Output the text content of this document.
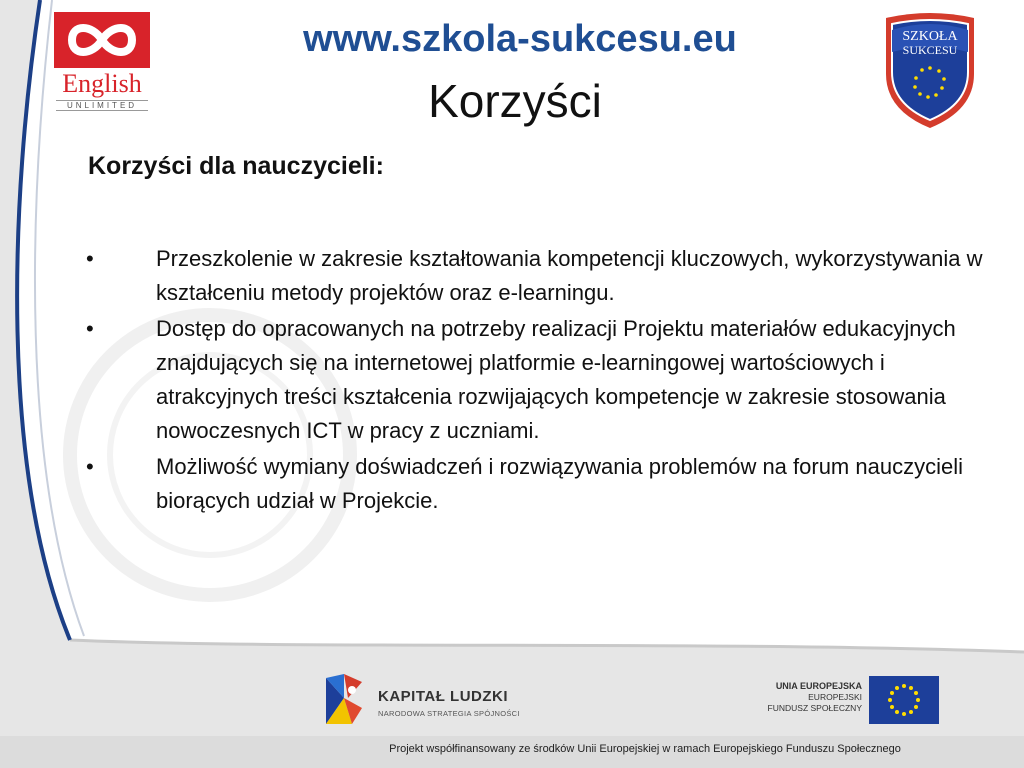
English
UNLIMITED
www.szkola-sukcesu.eu
Korzyści
SZKOŁA
SUKCESU
Korzyści dla nauczycieli:
•	Przeszkolenie w zakresie kształtowania kompetencji kluczowych, wykorzystywania w kształceniu metody projektów oraz e-learningu.
•	Dostęp do opracowanych na potrzeby realizacji Projektu materiałów edukacyjnych znajdujących się na internetowej platformie e-learningowej wartościowych i atrakcyjnych treści kształcenia rozwijających kompetencje w zakresie stosowania nowoczesnych ICT w pracy z uczniami.
•	Możliwość wymiany doświadczeń i rozwiązywania problemów na forum nauczycieli biorących udział w Projekcie.
KAPITAŁ LUDZKI
NARODOWA STRATEGIA SPÓJNOŚCI
UNIA EUROPEJSKA
EUROPEJSKI
FUNDUSZ SPOŁECZNY
Projekt współfinansowany ze środków Unii Europejskiej w ramach Europejskiego Funduszu Społecznego
